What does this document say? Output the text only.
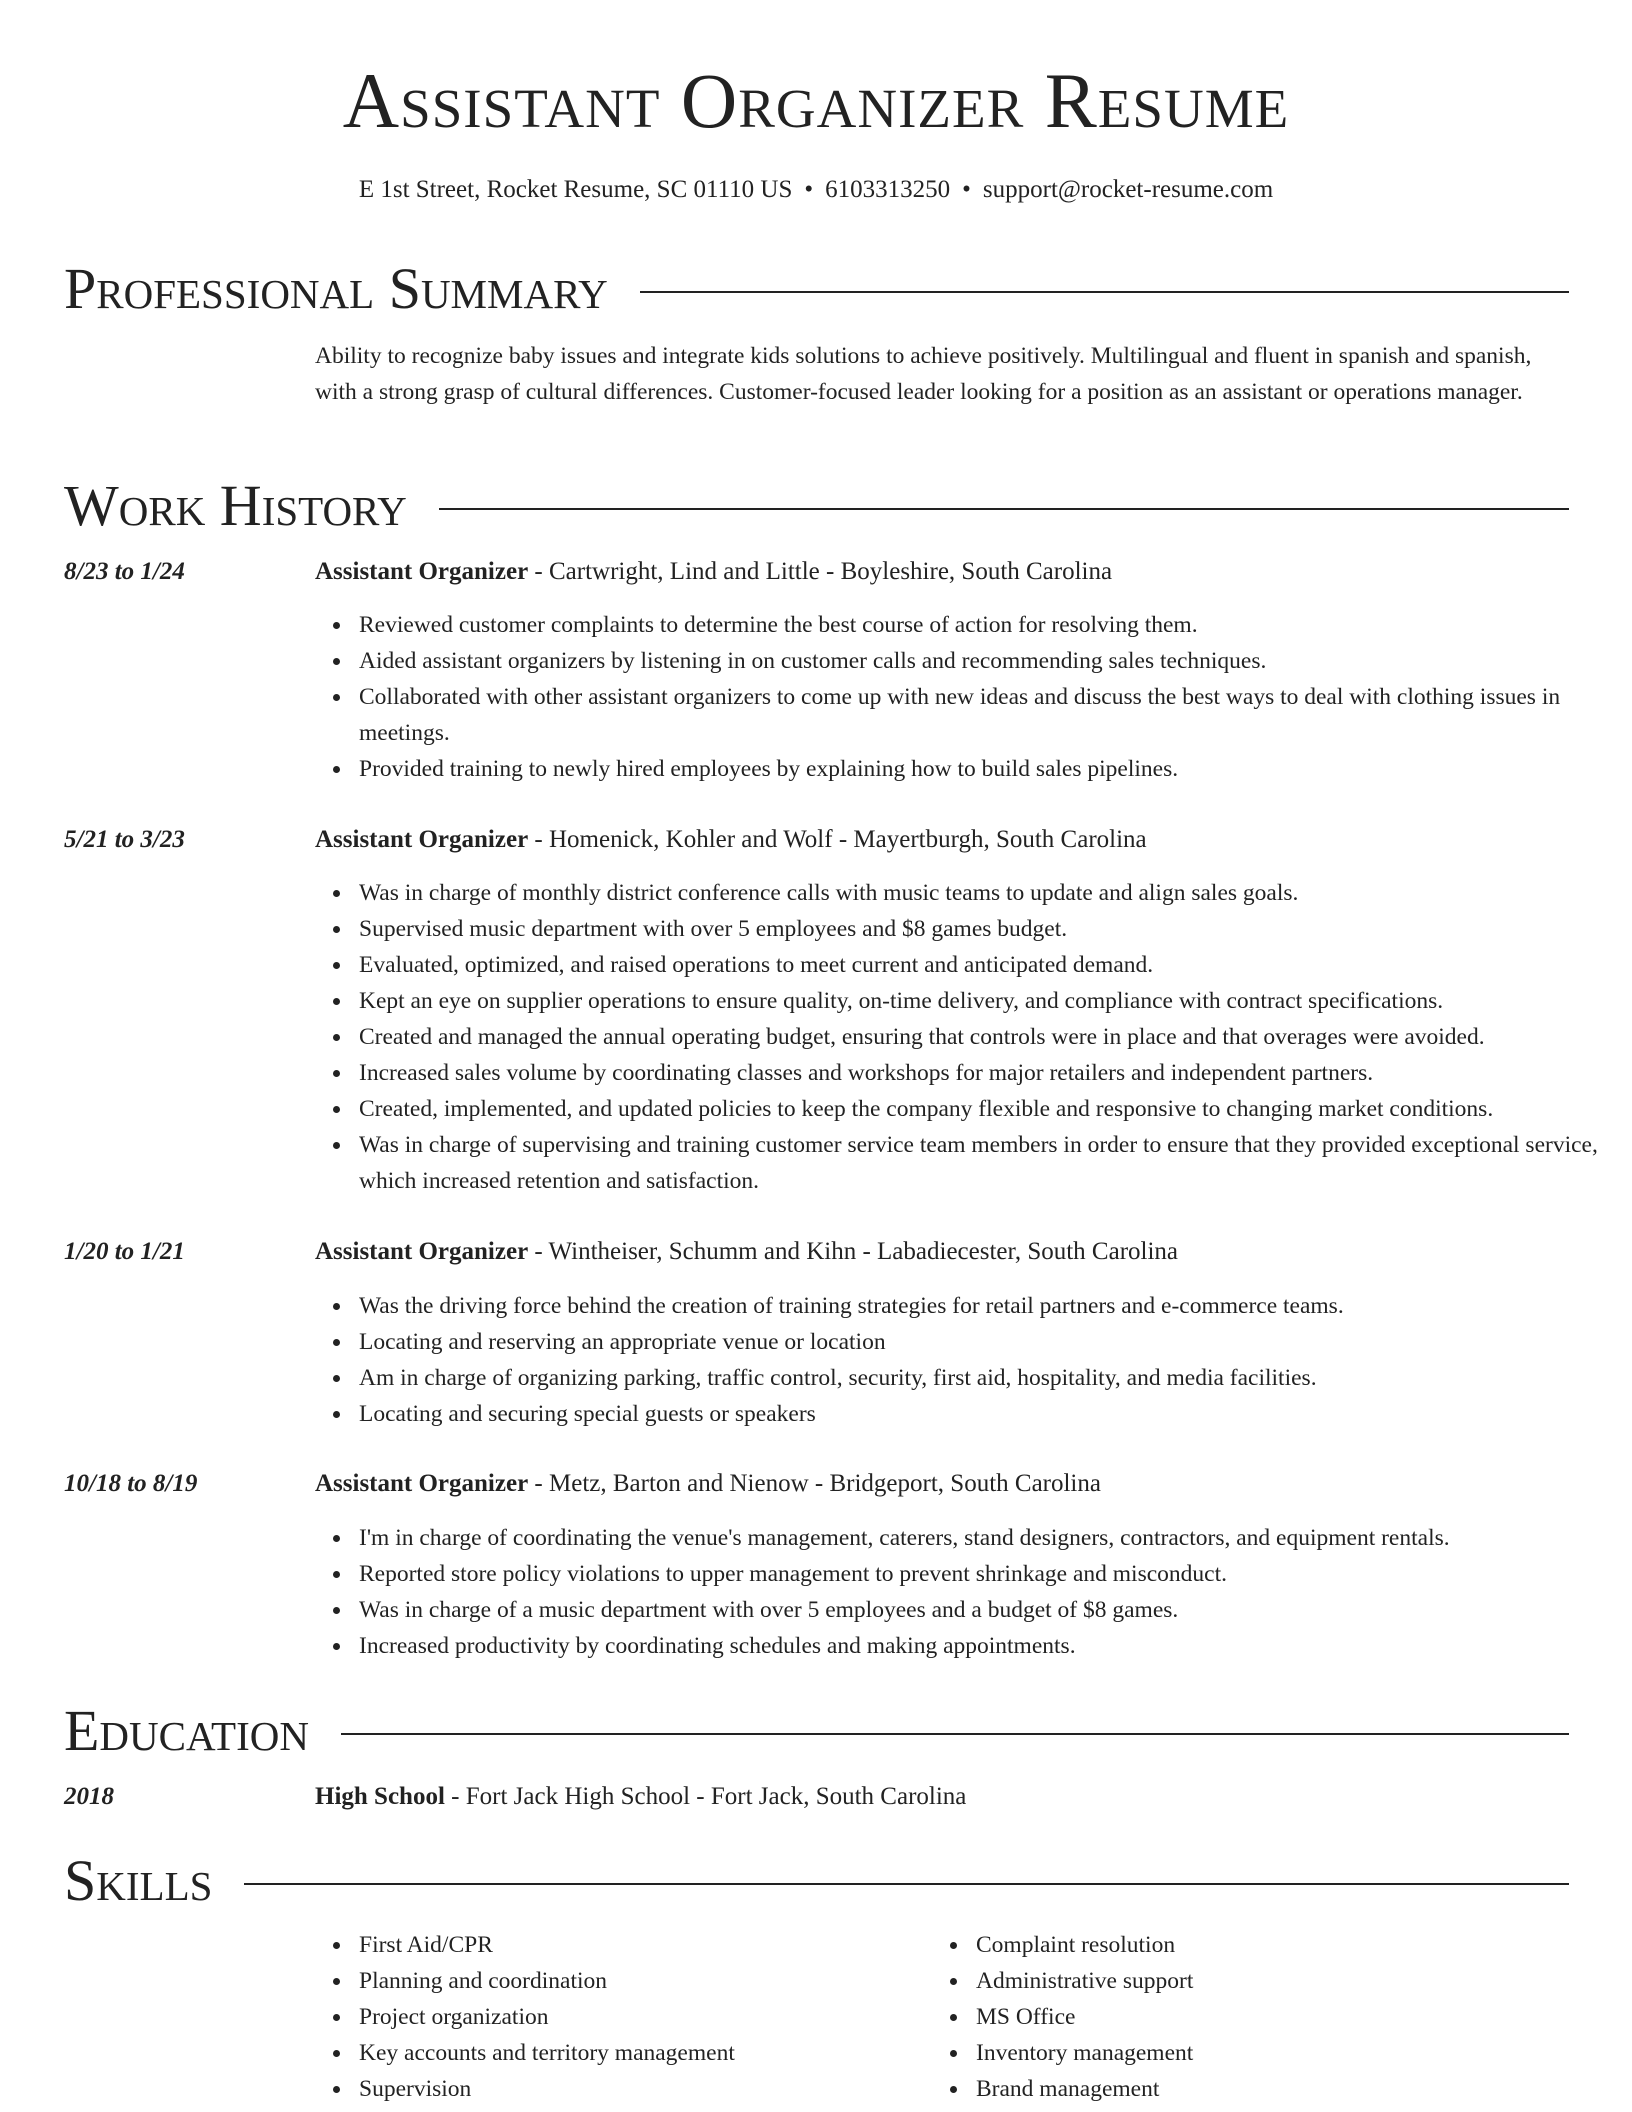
Assistant Organizer Resume
E 1st Street, Rocket Resume, SC 01110 US • 6103313250 • support@rocket-resume.com
Professional Summary
Ability to recognize baby issues and integrate kids solutions to achieve positively. Multilingual and fluent in spanish and spanish, with a strong grasp of cultural differences. Customer-focused leader looking for a position as an assistant or operations manager.
Work History
8/23 to 1/24	Assistant Organizer - Cartwright, Lind and Little - Boyleshire, South Carolina
Reviewed customer complaints to determine the best course of action for resolving them.
Aided assistant organizers by listening in on customer calls and recommending sales techniques.
Collaborated with other assistant organizers to come up with new ideas and discuss the best ways to deal with clothing issues in meetings.
Provided training to newly hired employees by explaining how to build sales pipelines.
5/21 to 3/23	Assistant Organizer - Homenick, Kohler and Wolf - Mayertburgh, South Carolina
Was in charge of monthly district conference calls with music teams to update and align sales goals.
Supervised music department with over 5 employees and $8 games budget.
Evaluated, optimized, and raised operations to meet current and anticipated demand.
Kept an eye on supplier operations to ensure quality, on-time delivery, and compliance with contract specifications.
Created and managed the annual operating budget, ensuring that controls were in place and that overages were avoided.
Increased sales volume by coordinating classes and workshops for major retailers and independent partners.
Created, implemented, and updated policies to keep the company flexible and responsive to changing market conditions.
Was in charge of supervising and training customer service team members in order to ensure that they provided exceptional service, which increased retention and satisfaction.
1/20 to 1/21	Assistant Organizer - Wintheiser, Schumm and Kihn - Labadiecester, South Carolina
Was the driving force behind the creation of training strategies for retail partners and e-commerce teams.
Locating and reserving an appropriate venue or location
Am in charge of organizing parking, traffic control, security, first aid, hospitality, and media facilities.
Locating and securing special guests or speakers
10/18 to 8/19	Assistant Organizer - Metz, Barton and Nienow - Bridgeport, South Carolina
I'm in charge of coordinating the venue's management, caterers, stand designers, contractors, and equipment rentals.
Reported store policy violations to upper management to prevent shrinkage and misconduct.
Was in charge of a music department with over 5 employees and a budget of $8 games.
Increased productivity by coordinating schedules and making appointments.
Education
2018	High School - Fort Jack High School - Fort Jack, South Carolina
Skills
First Aid/CPR
Planning and coordination
Project organization
Key accounts and territory management
Supervision
Complaint resolution
Administrative support
MS Office
Inventory management
Brand management
